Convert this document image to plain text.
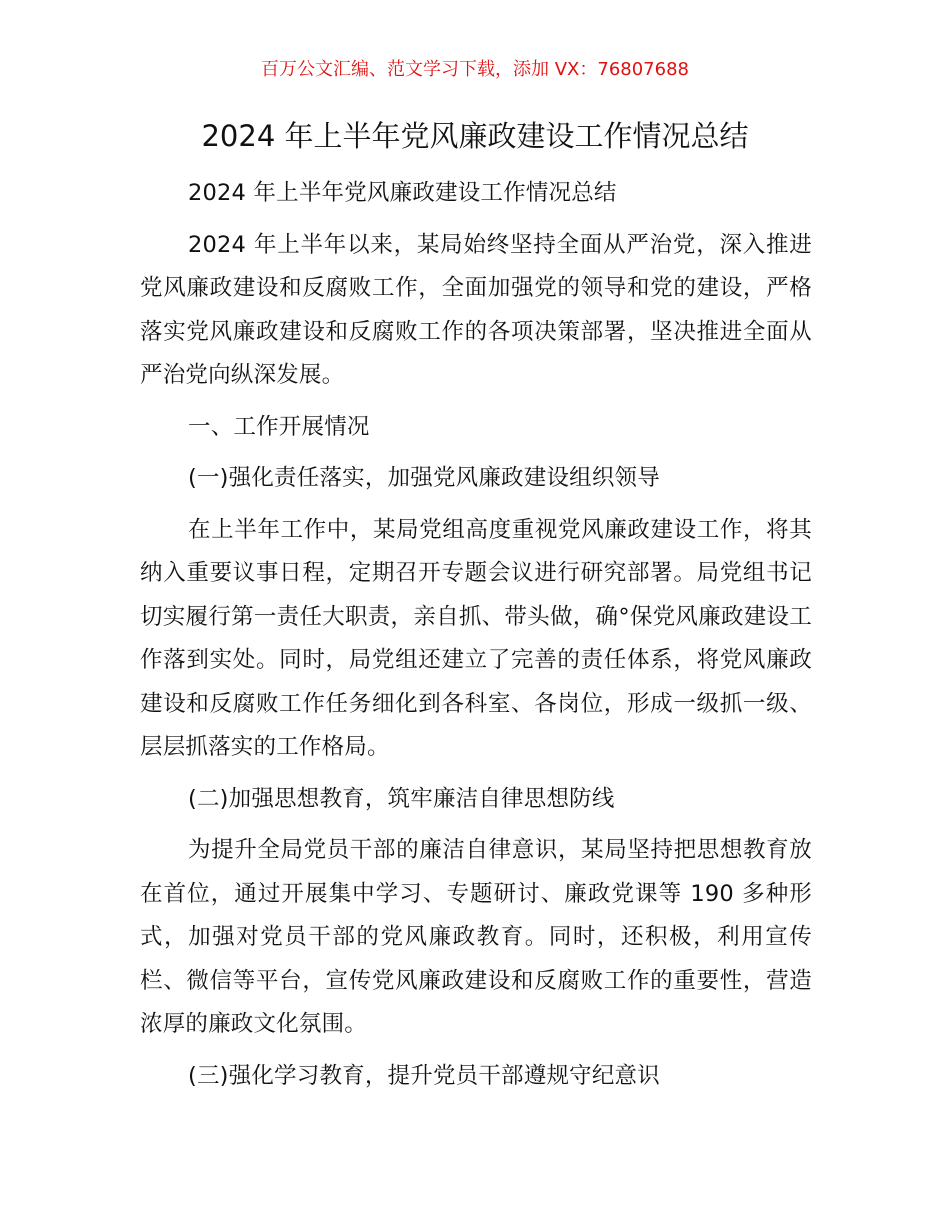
百万公文汇编、范文学习下载，添加 VX：76807688
2024 年上半年党风廉政建设工作情况总结

2024 年上半年党风廉政建设工作情况总结

2024 年上半年以来，某局始终坚持全面从严治党，深入推进党风廉政建设和反腐败工作，全面加强党的领导和党的建设，严格落实党风廉政建设和反腐败工作的各项决策部署，坚决推进全面从严治党向纵深发展。

一、工作开展情况

(一)强化责任落实，加强党风廉政建设组织领导

在上半年工作中，某局党组高度重视党风廉政建设工作，将其纳入重要议事日程，定期召开专题会议进行研究部署。局党组书记切实履行第一责任大职责，亲自抓、带头做，确°保党风廉政建设工作落到实处。同时，局党组还建立了完善的责任体系，将党风廉政建设和反腐败工作任务细化到各科室、各岗位，形成一级抓一级、层层抓落实的工作格局。

(二)加强思想教育，筑牢廉洁自律思想防线

为提升全局党员干部的廉洁自律意识，某局坚持把思想教育放在首位，通过开展集中学习、专题研讨、廉政党课等 190 多种形式，加强对党员干部的党风廉政教育。同时，还积极，利用宣传栏、微信等平台，宣传党风廉政建设和反腐败工作的重要性，营造浓厚的廉政文化氛围。

(三)强化学习教育，提升党员干部遵规守纪意识
